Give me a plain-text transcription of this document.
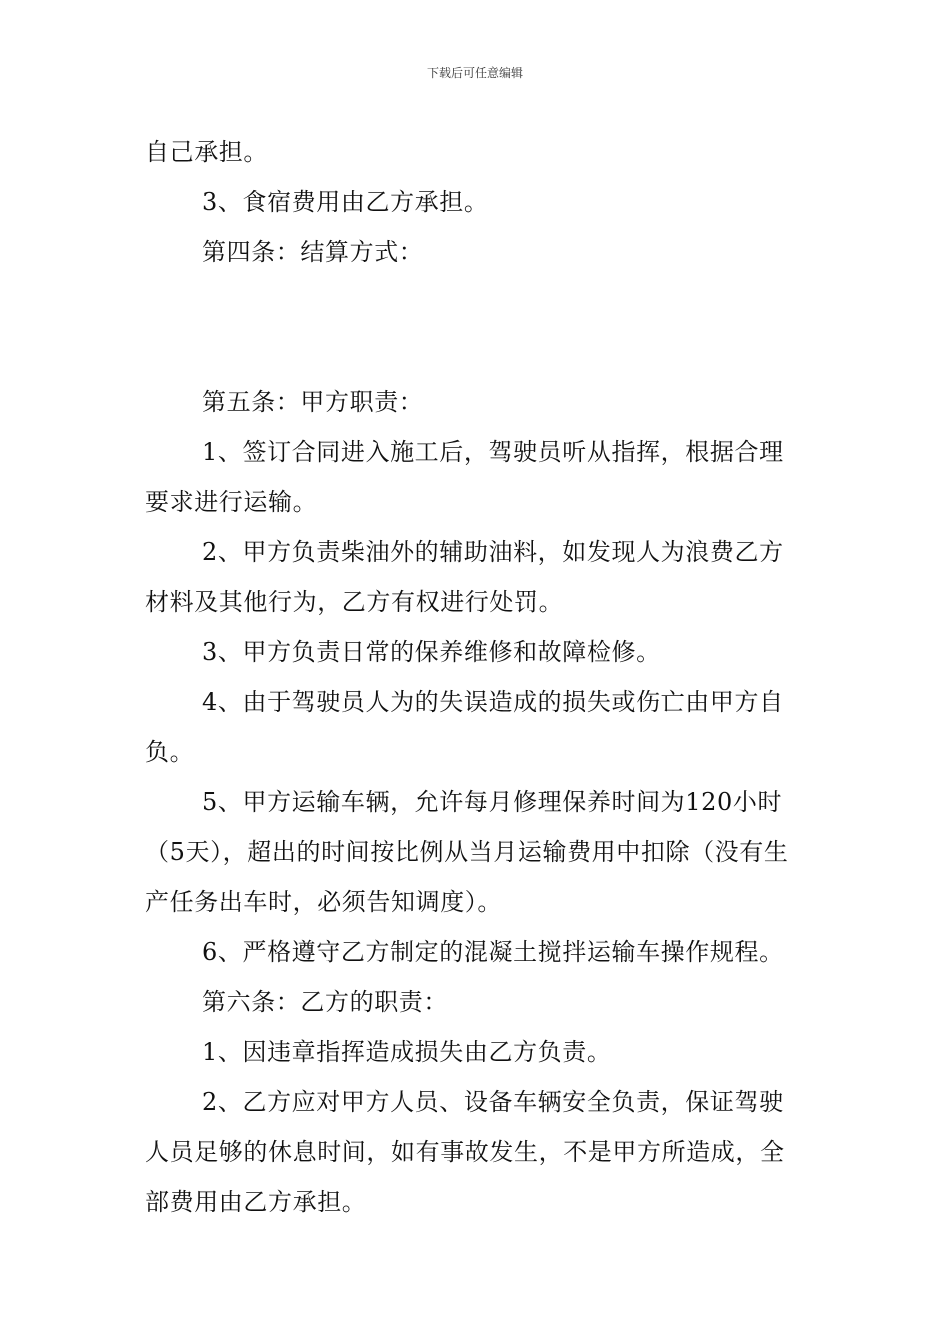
下载后可任意编辑

自己承担。

3、食宿费用由乙方承担。

第四条：结算方式：

第五条：甲方职责：

1、签订合同进入施工后，驾驶员听从指挥，根据合理要求进行运输。

2、甲方负责柴油外的辅助油料，如发现人为浪费乙方材料及其他行为，乙方有权进行处罚。

3、甲方负责日常的保养维修和故障检修。

4、由于驾驶员人为的失误造成的损失或伤亡由甲方自负。

5、甲方运输车辆，允许每月修理保养时间为120小时（5天），超出的时间按比例从当月运输费用中扣除（没有生产任务出车时，必须告知调度）。

6、严格遵守乙方制定的混凝土搅拌运输车操作规程。

第六条：乙方的职责：

1、因违章指挥造成损失由乙方负责。

2、乙方应对甲方人员、设备车辆安全负责，保证驾驶人员足够的休息时间，如有事故发生，不是甲方所造成，全部费用由乙方承担。
